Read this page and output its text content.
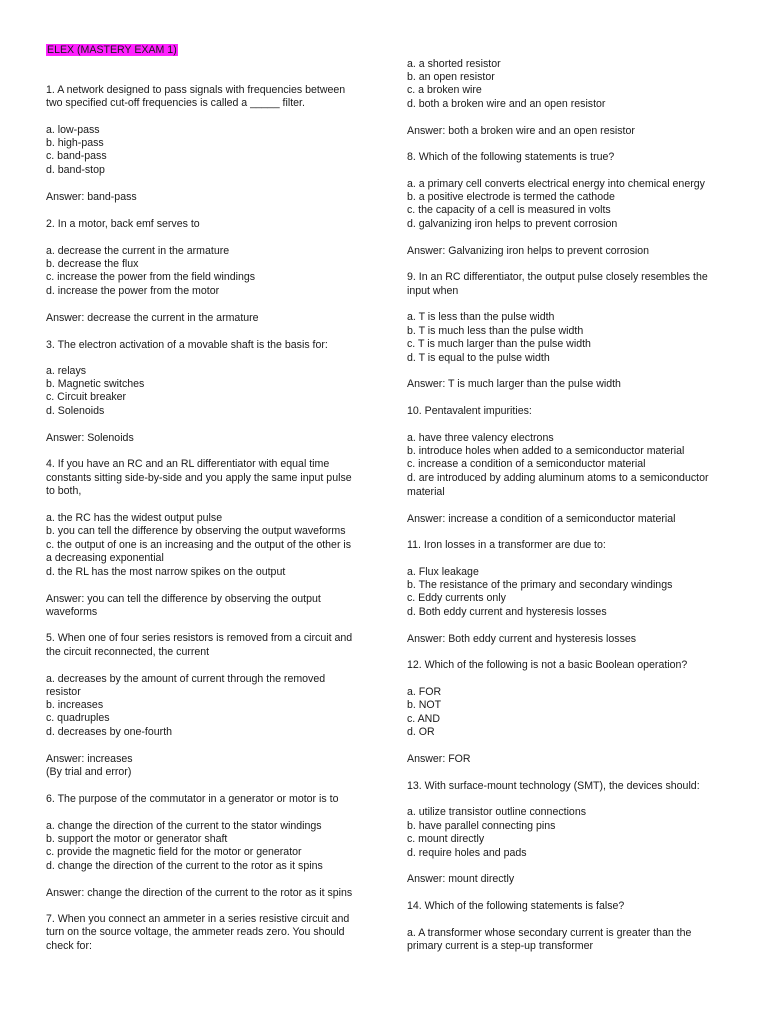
ELEX (MASTERY EXAM 1)
1. A network designed to pass signals with frequencies between
two specified cut-off frequencies is called a _____ filter.
a. low-pass
b. high-pass
c. band-pass
d. band-stop
Answer: band-pass
2. In a motor, back emf serves to
a. decrease the current in the armature
b. decrease the flux
c. increase the power from the field windings
d. increase the power from the motor
Answer: decrease the current in the armature
3. The electron activation of a movable shaft is the basis for:
a. relays
b. Magnetic switches
c. Circuit breaker
d. Solenoids
Answer: Solenoids
4. If you have an RC and an RL differentiator with equal time
constants sitting side-by-side and you apply the same input pulse
to both,
a. the RC has the widest output pulse
b. you can tell the difference by observing the output waveforms
c. the output of one is an increasing and the output of the other is
a decreasing exponential
d. the RL has the most narrow spikes on the output
Answer: you can tell the difference by observing the output
waveforms
5. When one of four series resistors is removed from a circuit and
the circuit reconnected, the current
a. decreases by the amount of current through the removed
resistor
b. increases
c. quadruples
d. decreases by one-fourth
Answer: increases
(By trial and error)
6. The purpose of the commutator in a generator or motor is to
a. change the direction of the current to the stator windings
b. support the motor or generator shaft
c. provide the magnetic field for the motor or generator
d. change the direction of the current to the rotor as it spins
Answer: change the direction of the current to the rotor as it spins
7. When you connect an ammeter in a series resistive circuit and
turn on the source voltage, the ammeter reads zero. You should
check for:
a. a shorted resistor
b. an open resistor
c. a broken wire
d. both a broken wire and an open resistor
Answer: both a broken wire and an open resistor
8. Which of the following statements is true?
a. a primary cell converts electrical energy into chemical energy
b. a positive electrode is termed the cathode
c. the capacity of a cell is measured in volts
d. galvanizing iron helps to prevent corrosion
Answer: Galvanizing iron helps to prevent corrosion
9. In an RC differentiator, the output pulse closely resembles the
input when
a. T is less than the pulse width
b. T is much less than the pulse width
c. T is much larger than the pulse width
d. T is equal to the pulse width
Answer: T is much larger than the pulse width
10. Pentavalent impurities:
a. have three valency electrons
b. introduce holes when added to a semiconductor material
c. increase a condition of a semiconductor material
d. are introduced by adding aluminum atoms to a semiconductor
material
Answer: increase a condition of a semiconductor material
11. Iron losses in a transformer are due to:
a. Flux leakage
b. The resistance of the primary and secondary windings
c. Eddy currents only
d. Both eddy current and hysteresis losses
Answer: Both eddy current and hysteresis losses
12. Which of the following is not a basic Boolean operation?
a. FOR
b. NOT
c. AND
d. OR
Answer: FOR
13. With surface-mount technology (SMT), the devices should:
a. utilize transistor outline connections
b. have parallel connecting pins
c. mount directly
d. require holes and pads
Answer: mount directly
14. Which of the following statements is false?
a. A transformer whose secondary current is greater than the
primary current is a step-up transformer
